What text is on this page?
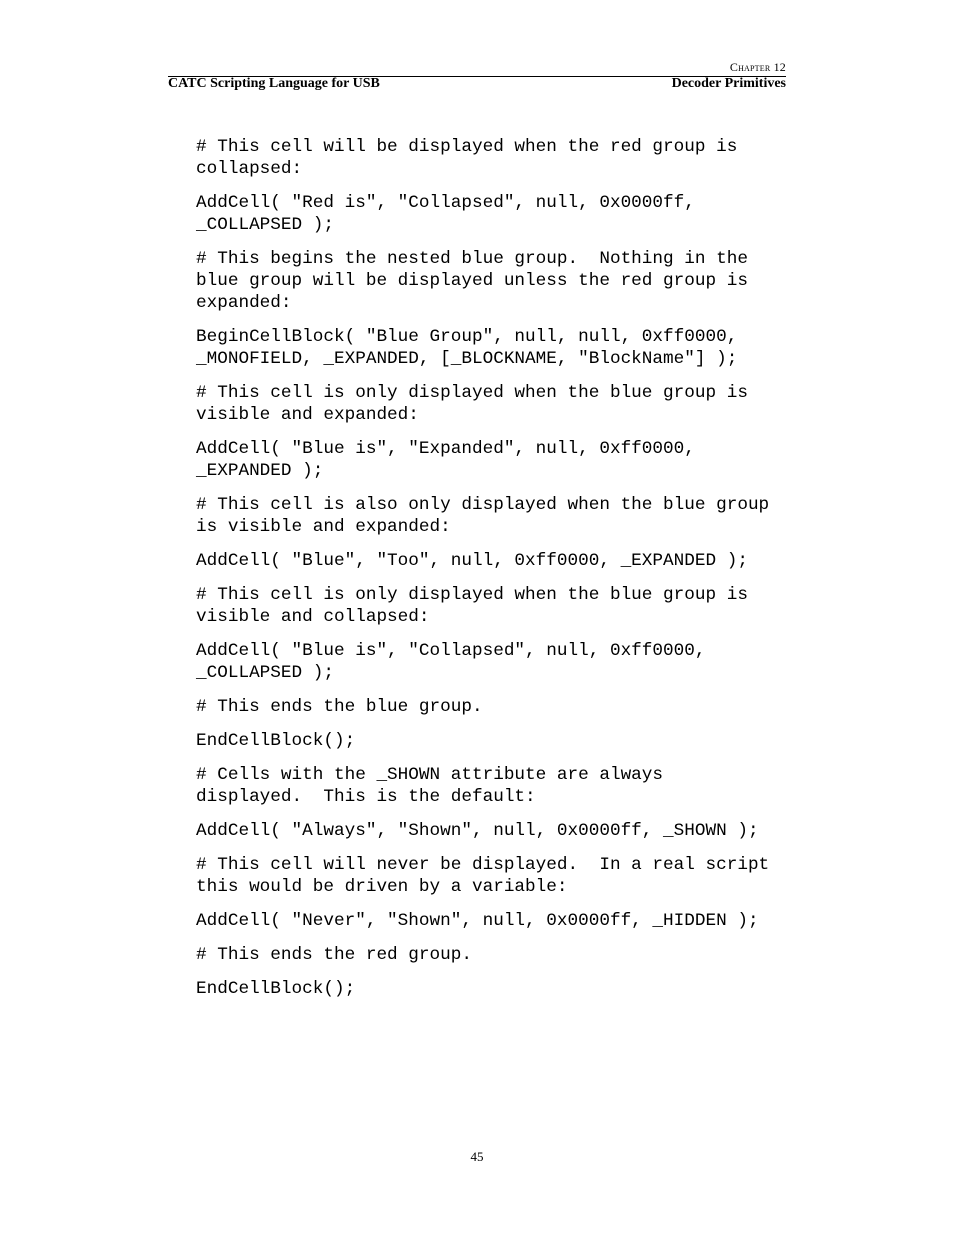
Chapter 12
CATC Scripting Language for USB	Decoder Primitives
# This cell will be displayed when the red group is
collapsed:
AddCell( "Red is", "Collapsed", null, 0x0000ff,
_COLLAPSED );
# This begins the nested blue group.  Nothing in the
blue group will be displayed unless the red group is
expanded:
BeginCellBlock( "Blue Group", null, null, 0xff0000,
_MONOFIELD, _EXPANDED, [_BLOCKNAME, "BlockName"] );
# This cell is only displayed when the blue group is
visible and expanded:
AddCell( "Blue is", "Expanded", null, 0xff0000,
_EXPANDED );
# This cell is also only displayed when the blue group
is visible and expanded:
AddCell( "Blue", "Too", null, 0xff0000, _EXPANDED );
# This cell is only displayed when the blue group is
visible and collapsed:
AddCell( "Blue is", "Collapsed", null, 0xff0000,
_COLLAPSED );
# This ends the blue group.
EndCellBlock();
# Cells with the _SHOWN attribute are always
displayed.  This is the default:
AddCell( "Always", "Shown", null, 0x0000ff, _SHOWN );
# This cell will never be displayed.  In a real script
this would be driven by a variable:
AddCell( "Never", "Shown", null, 0x0000ff, _HIDDEN );
# This ends the red group.
EndCellBlock();
45
